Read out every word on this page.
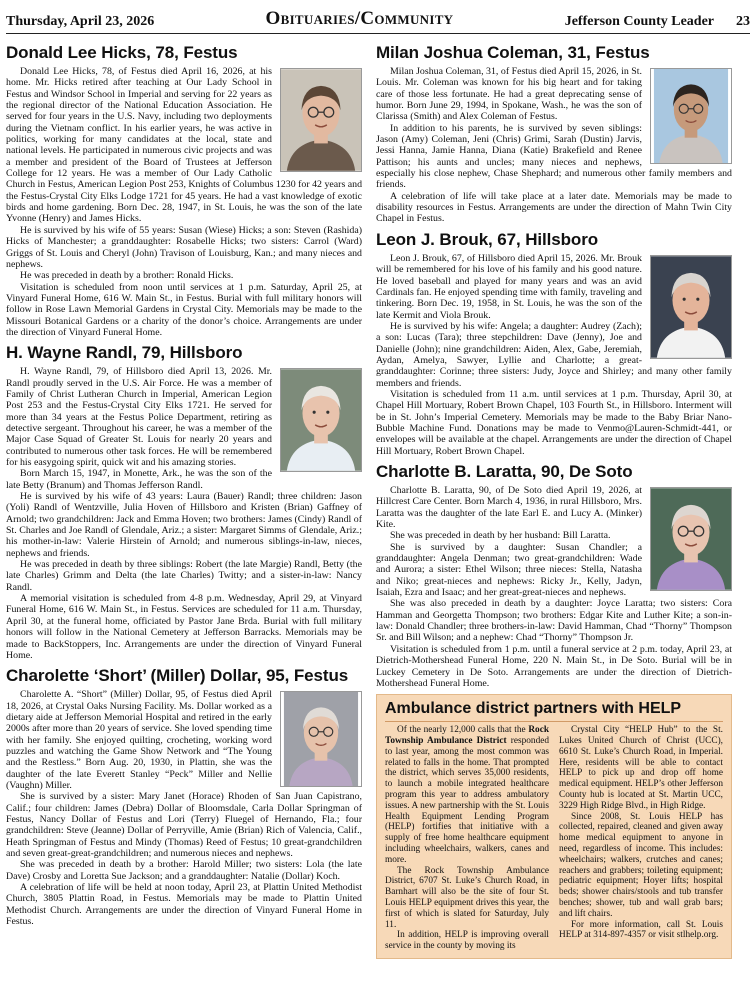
Thursday, April 23, 2026	Obituaries/Community	Jefferson County Leader 23
Donald Lee Hicks, 78, Festus

Donald Lee Hicks, 78, of Festus died April 16, 2026, at his home. Mr. Hicks retired after teaching at Our Lady School in Festus and Windsor School in Imperial and serving for 22 years as the regional director of the National Education Association. He served for four years in the U.S. Navy, including two deployments during the Vietnam conflict. In his earlier years, he was active in politics, working for many candidates at the local, state and national levels. He participated in numerous civic projects and was a member and president of the Board of Trustees at Jefferson College for 12 years. He was a member of Our Lady Catholic Church in Festus, American Legion Post 253, Knights of Columbus 1230 for 42 years and the Festus-Crystal City Elks Lodge 1721 for 45 years. He had a vast knowledge of exotic birds and home gardening. Born Dec. 28, 1947, in St. Louis, he was the son of the late Yvonne (Henry) and James Hicks.

He is survived by his wife of 55 years: Susan (Wiese) Hicks; a son: Steven (Rashida) Hicks of Manchester; a granddaughter: Rosabelle Hicks; two sisters: Carrol (Ward) Griggs of St. Louis and Cheryl (John) Travison of Louisburg, Kan.; and many nieces and nephews.

He was preceded in death by a brother: Ronald Hicks.

Visitation is scheduled from noon until services at 1 p.m. Saturday, April 25, at Vinyard Funeral Home, 616 W. Main St., in Festus. Burial with full military honors will follow in Rose Lawn Memorial Gardens in Crystal City. Memorials may be made to the Missouri Botanical Gardens or a charity of the donor’s choice. Arrangements are under the direction of Vinyard Funeral Home.

H. Wayne Randl, 79, Hillsboro

H. Wayne Randl, 79, of Hillsboro died April 13, 2026. Mr. Randl proudly served in the U.S. Air Force. He was a member of Family of Christ Lutheran Church in Imperial, American Legion Post 253 and the Festus-Crystal City Elks 1721. He served for more than 34 years at the Festus Police Department, retiring as detective sergeant. Throughout his career, he was a member of the Major Case Squad of Greater St. Louis for nearly 20 years and contributed to numerous other task forces. He will be remembered for his easygoing spirit, quick wit and his amazing stories.

Born March 15, 1947, in Monette, Ark., he was the son of the late Betty (Branum) and Thomas Jefferson Randl.

He is survived by his wife of 43 years: Laura (Bauer) Randl; three children: Jason (Yoli) Randl of Wentzville, Julia Hoven of Hillsboro and Kristen (Brian) Gaffney of Arnold; two grandchildren: Jack and Emma Hoven; two brothers: James (Cindy) Randl of St. Charles and Joe Randl of Glendale, Ariz.; a sister: Margaret Simms of Glendale, Ariz.; his mother-in-law: Valerie Hirstein of Arnold; and numerous siblings-in-law, nieces, nephews and friends.

He was preceded in death by three siblings: Robert (the late Margie) Randl, Betty (the late Charles) Grimm and Delta (the late Charles) Twitty; and a sister-in-law: Nancy Randl.

A memorial visitation is scheduled from 4-8 p.m. Wednesday, April 29, at Vinyard Funeral Home, 616 W. Main St., in Festus. Services are scheduled for 11 a.m. Thursday, April 30, at the funeral home, officiated by Pastor Jane Brda. Burial with full military honors will follow in the National Cemetery at Jefferson Barracks. Memorials may be made to BackStoppers, Inc. Arrangements are under the direction of Vinyard Funeral Home.

Charolette ‘Short’ (Miller) Dollar, 95, Festus

Charolette A. “Short” (Miller) Dollar, 95, of Festus died April 18, 2026, at Crystal Oaks Nursing Facility. Ms. Dollar worked as a dietary aide at Jefferson Memorial Hospital and retired in the early 2000s after more than 20 years of service. She loved spending time with her family. She enjoyed quilting, crocheting, working word puzzles and watching the Game Show Network and “The Young and the Restless.” Born Aug. 20, 1930, in Plattin, she was the daughter of the late Everett Stanley “Peck” Miller and Nellie (Vaughn) Miller.

She is survived by a sister: Mary Janet (Horace) Rhoden of San Juan Capistrano, Calif.; four children: James (Debra) Dollar of Bloomsdale, Carla Dollar Springman of Festus, Nancy Dollar of Festus and Lori (Terry) Fluegel of Hernando, Fla.; four grandchildren: Steve (Jeanne) Dollar of Perryville, Amie (Brian) Rich of Valencia, Calif., Heath Springman of Festus and Mindy (Thomas) Reed of Festus; 10 great-grandchildren and seven great-great-grandchildren; and numerous nieces and nephews.

She was preceded in death by a brother: Harold Miller; two sisters: Lola (the late Dave) Crosby and Loretta Sue Jackson; and a granddaughter: Natalie (Dollar) Koch.

A celebration of life will be held at noon today, April 23, at Plattin United Methodist Church, 3805 Plattin Road, in Festus. Memorials may be made to Plattin United Methodist Church. Arrangements are under the direction of Vinyard Funeral Home in Festus.

Milan Joshua Coleman, 31, Festus

Milan Joshua Coleman, 31, of Festus died April 15, 2026, in St. Louis. Mr. Coleman was known for his big heart and for taking care of those less fortunate. He had a great deprecating sense of humor. Born June 29, 1994, in Spokane, Wash., he was the son of Clarissa (Smith) and Alex Coleman of Festus.

In addition to his parents, he is survived by seven siblings: Jason (Amy) Coleman, Jeni (Chris) Grimi, Sarah (Dustin) Jarvis, Jessi Hanna, Jamie Hanna, Diana (Katie) Brakefield and Renee Pattison; his aunts and uncles; many nieces and nephews, especially his close nephew, Chase Shephard; and numerous other family members and friends.

A celebration of life will take place at a later date. Memorials may be made to disability resources in Festus. Arrangements are under the direction of Mahn Twin City Chapel in Festus.

Leon J. Brouk, 67, Hillsboro

Leon J. Brouk, 67, of Hillsboro died April 15, 2026. Mr. Brouk will be remembered for his love of his family and his good nature. He loved baseball and played for many years and was an avid Cardinals fan. He enjoyed spending time with family, traveling and tinkering. Born Dec. 19, 1958, in St. Louis, he was the son of the late Kermit and Viola Brouk.

He is survived by his wife: Angela; a daughter: Audrey (Zach); a son: Lucas (Tara); three stepchildren: Dave (Jenny), Joe and Danielle (John); nine grandchildren: Aiden, Alex, Gabe, Jeremiah, Aydan, Amelya, Sawyer, Lyllie and Charlotte; a great-granddaughter: Corinne; three sisters: Judy, Joyce and Shirley; and many other family members and friends.

Visitation is scheduled from 11 a.m. until services at 1 p.m. Thursday, April 30, at Chapel Hill Mortuary, Robert Brown Chapel, 103 Fourth St., in Hillsboro. Interment will be in St. John’s Imperial Cemetery. Memorials may be made to the Baby Briar Nano-Bubble Machine Fund. Donations may be made to Venmo@Lauren-Schmidt-441, or envelopes will be available at the chapel. Arrangements are under the direction of Chapel Hill Mortuary, Robert Brown Chapel.

Charlotte B. Laratta, 90, De Soto

Charlotte B. Laratta, 90, of De Soto died April 19, 2026, at Hillcrest Care Center. Born March 4, 1936, in rural Hillsboro, Mrs. Laratta was the daughter of the late Earl E. and Lucy A. (Minker) Kite.

She was preceded in death by her husband: Bill Laratta.

She is survived by a daughter: Susan Chandler; a granddaughter: Angela Denman; two great-grandchildren: Wade and Aurora; a sister: Ethel Wilson; three nieces: Stella, Natasha and Niko; great-nieces and nephews: Ricky Jr., Kelly, Jadyn, Isaiah, Ezra and Isaac; and her great-great-nieces and nephews.

She was also preceded in death by a daughter: Joyce Laratta; two sisters: Cora Hamman and Georgetta Thompson; two brothers: Edgar Kite and Luther Kite; a son-in-law: Donald Chandler; three brothers-in-law: David Hamman, Chad “Thorny” Thompson Sr. and Bill Wilson; and a nephew: Chad “Thorny” Thompson Jr.

Visitation is scheduled from 1 p.m. until a funeral service at 2 p.m. today, April 23, at Dietrich-Mothershead Funeral Home, 220 N. Main St., in De Soto. Burial will be in Luckey Cemetery in De Soto. Arrangements are under the direction of Dietrich-Mothershead Funeral Home.

Ambulance district partners with HELP

Of the nearly 12,000 calls that the Rock Township Ambulance District responded to last year, among the most common was related to falls in the home. That prompted the district, which serves 35,000 residents, to launch a mobile integrated healthcare program this year to address ambulatory issues. A new partnership with the St. Louis Health Equipment Lending Program (HELP) fortifies that initiative with a supply of free home healthcare equipment including wheelchairs, walkers, canes and more.

The Rock Township Ambulance District, 6707 St. Luke’s Church Road, in Barnhart will also be the site of four St. Louis HELP equipment drives this year, the first of which is slated for Saturday, July 11.

In addition, HELP is improving overall service in the county by moving its

Crystal City “HELP Hub” to the St. Lukes United Church of Christ (UCC), 6610 St. Luke’s Church Road, in Imperial. Here, residents will be able to contact HELP to pick up and drop off home medical equipment. HELP’s other Jefferson County hub is located at St. Martin UCC, 3229 High Ridge Blvd., in High Ridge.

Since 2008, St. Louis HELP has collected, repaired, cleaned and given away home medical equipment to anyone in need, regardless of income. This includes: wheelchairs; walkers, crutches and canes; reachers and grabbers; toileting equipment; pediatric equipment; Hoyer lifts; hospital beds; shower chairs/stools and tub transfer benches; shower, tub and wall grab bars; and lift chairs.

For more information, call St. Louis HELP at 314-897-4357 or visit stlhelp.org.
